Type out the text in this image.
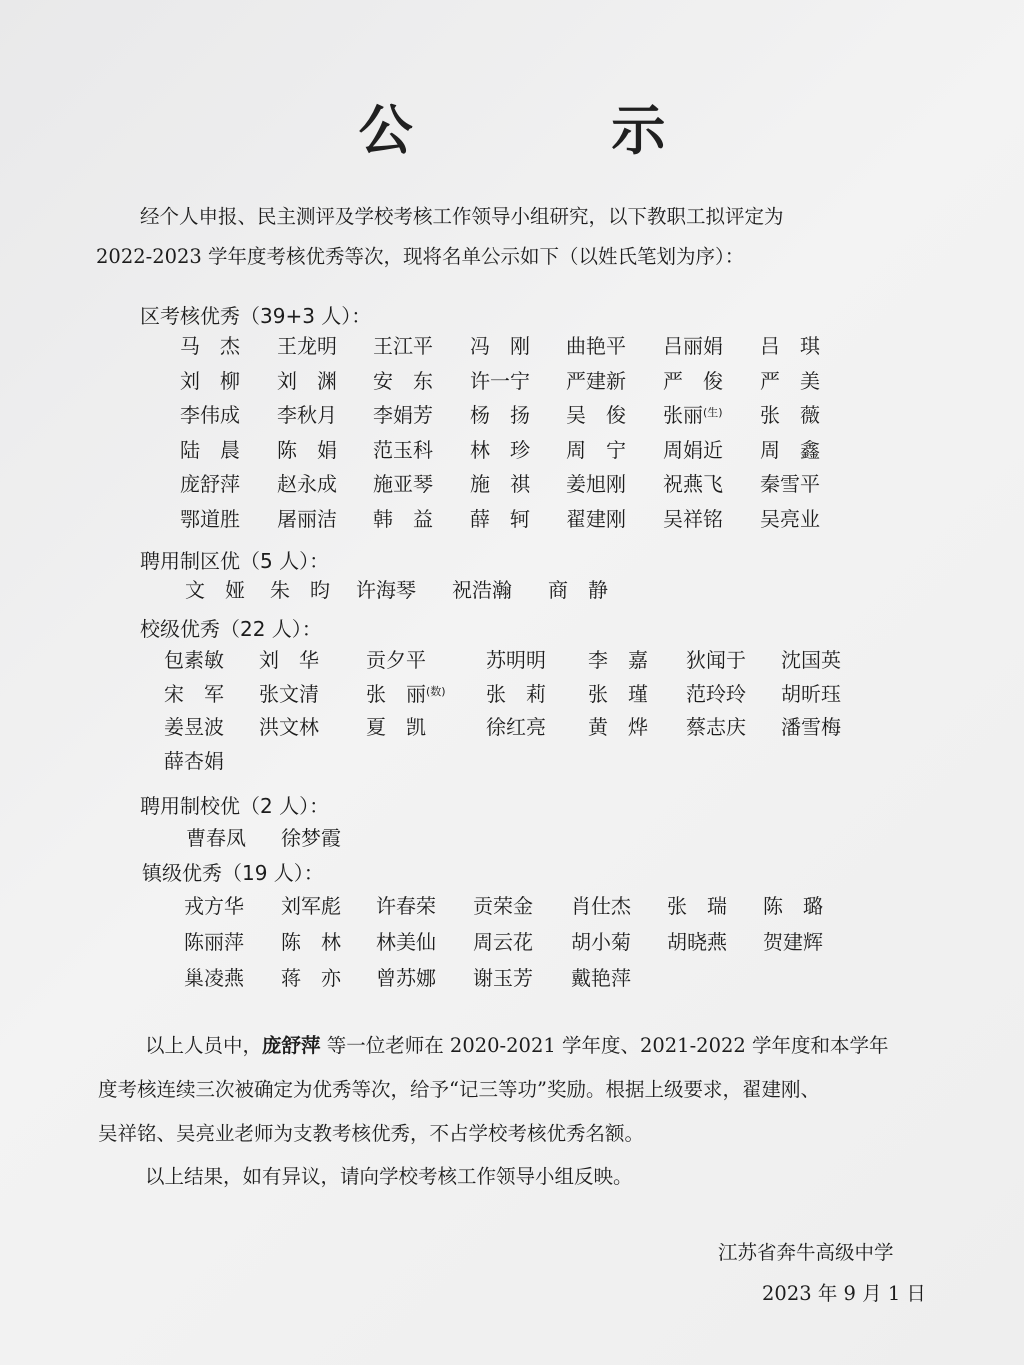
公 示
经个人申报、民主测评及学校考核工作领导小组研究，以下教职工拟评定为
2022-2023 学年度考核优秀等次，现将名单公示如下（以姓氏笔划为序）：
区考核优秀（39+3 人）：
马　杰 王龙明 王江平 冯　刚 曲艳平 吕丽娟 吕　琪
刘　柳 刘　渊 安　东 许一宁 严建新 严　俊 严　美
李伟成 李秋月 李娟芳 杨　扬 吴　俊 张丽$^{(生)}$ 张　薇
陆　晨 陈　娟 范玉科 林　珍 周　宁 周娟近 周　鑫
庞舒萍 赵永成 施亚琴 施　祺 姜旭刚 祝燕飞 秦雪平
鄂道胜 屠丽洁 韩　益 薛　轲 翟建刚 吴祥铭 吴亮业
聘用制区优（5 人）：
文　娅 朱　昀 许海琴 祝浩瀚 商　静
校级优秀（22 人）：
包素敏 刘　华 贡夕平	苏明明 李　嘉 狄闻于 沈国英
宋　军 张文清 张　丽$^{(数)}$ 张　莉 张　瑾 范玲玲 胡昕珏
姜昱波 洪文林 夏　凯	徐红亮 黄　烨 蔡志庆 潘雪梅
薛杏娟
聘用制校优（2 人）：
曹春凤 徐梦霞
镇级优秀（19 人）：
戎方华 刘军彪 许春荣 贡荣金 肖仕杰 张　瑞 陈　璐
陈丽萍 陈　林 林美仙 周云花 胡小菊 胡晓燕 贺建辉
巢凌燕 蒋　亦 曾苏娜 谢玉芳 戴艳萍
以上人员中，庞舒萍 等一位老师在 2020-2021 学年度、2021-2022 学年度和本学年
度考核连续三次被确定为优秀等次，给予“记三等功”奖励。根据上级要求，翟建刚、
吴祥铭、吴亮业老师为支教考核优秀，不占学校考核优秀名额。
以上结果，如有异议，请向学校考核工作领导小组反映。
江苏省奔牛高级中学
2023 年 9 月 1 日
